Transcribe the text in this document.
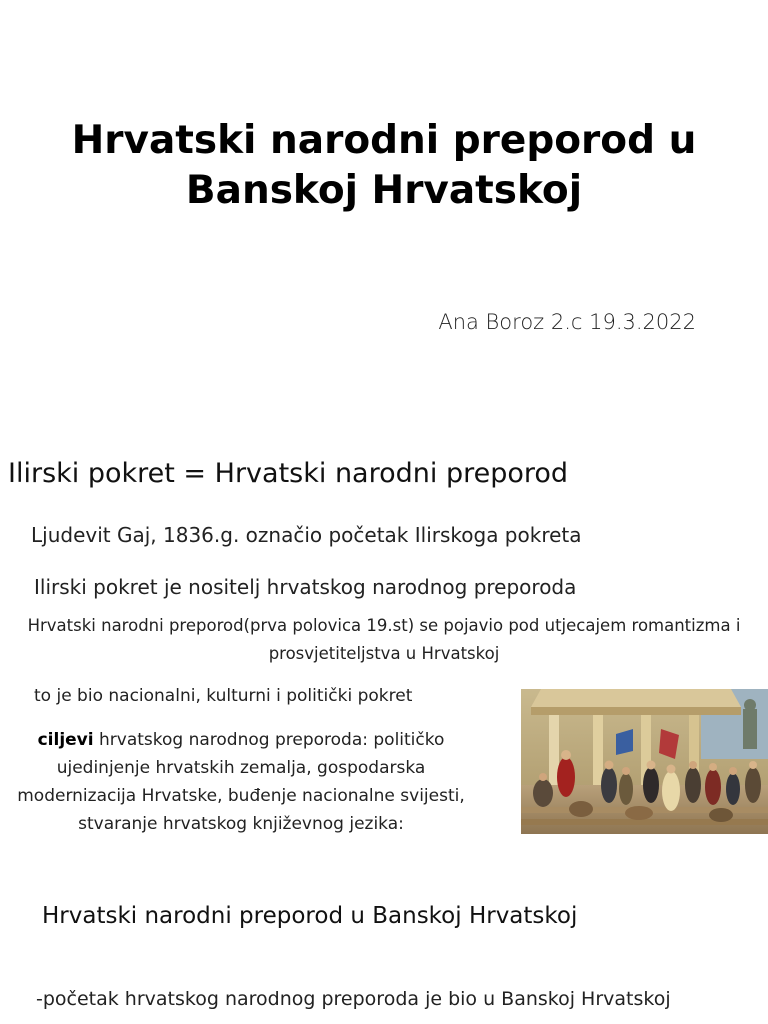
Hrvatski narodni preporod u
Banskoj Hrvatskoj
Ana Boroz 2.c 19.3.2022
Ilirski pokret = Hrvatski narodni preporod
Ljudevit Gaj, 1836.g. označio početak Ilirskoga pokreta
Ilirski pokret je nositelj hrvatskog narodnog preporoda
Hrvatski narodni preporod(prva polovica 19.st) se pojavio pod utjecajem romantizma i
prosvjetiteljstva u Hrvatskoj
to je bio nacionalni, kulturni i politički pokret
ciljevi hrvatskog narodnog preporoda: političko
ujedinjenje hrvatskih zemalja, gospodarska
modernizacija Hrvatske, buđenje nacionalne svijesti,
stvaranje hrvatskog književnog jezika:
Hrvatski narodni preporod u Banskoj Hrvatskoj
-početak hrvatskog narodnog preporoda je bio u Banskoj Hrvatskoj
